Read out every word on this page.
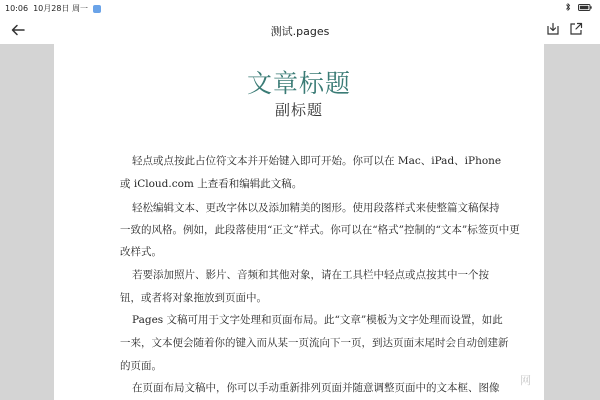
10:06 10月28日 周一
测试.pages
文章标题
副标题
轻点或点按此占位符文本并开始键入即可开始。你可以在 Mac、iPad、iPhone
或 iCloud.com 上查看和编辑此文稿。
轻松编辑文本、更改字体以及添加精美的图形。使用段落样式来使整篇文稿保持
一致的风格。例如，此段落使用“正文”样式。你可以在“格式”控制的“文本”标签页中更
改样式。
若要添加照片、影片、音频和其他对象，请在工具栏中轻点或点按其中一个按
钮，或者将对象拖放到页面中。
Pages 文稿可用于文字处理和页面布局。此“文章”模板为文字处理而设置，如此
一来，文本便会随着你的键入而从某一页流向下一页，到达页面末尾时会自动创建新
的页面。
在页面布局文稿中，你可以手动重新排列页面并随意调整页面中的文本框、图像
网
